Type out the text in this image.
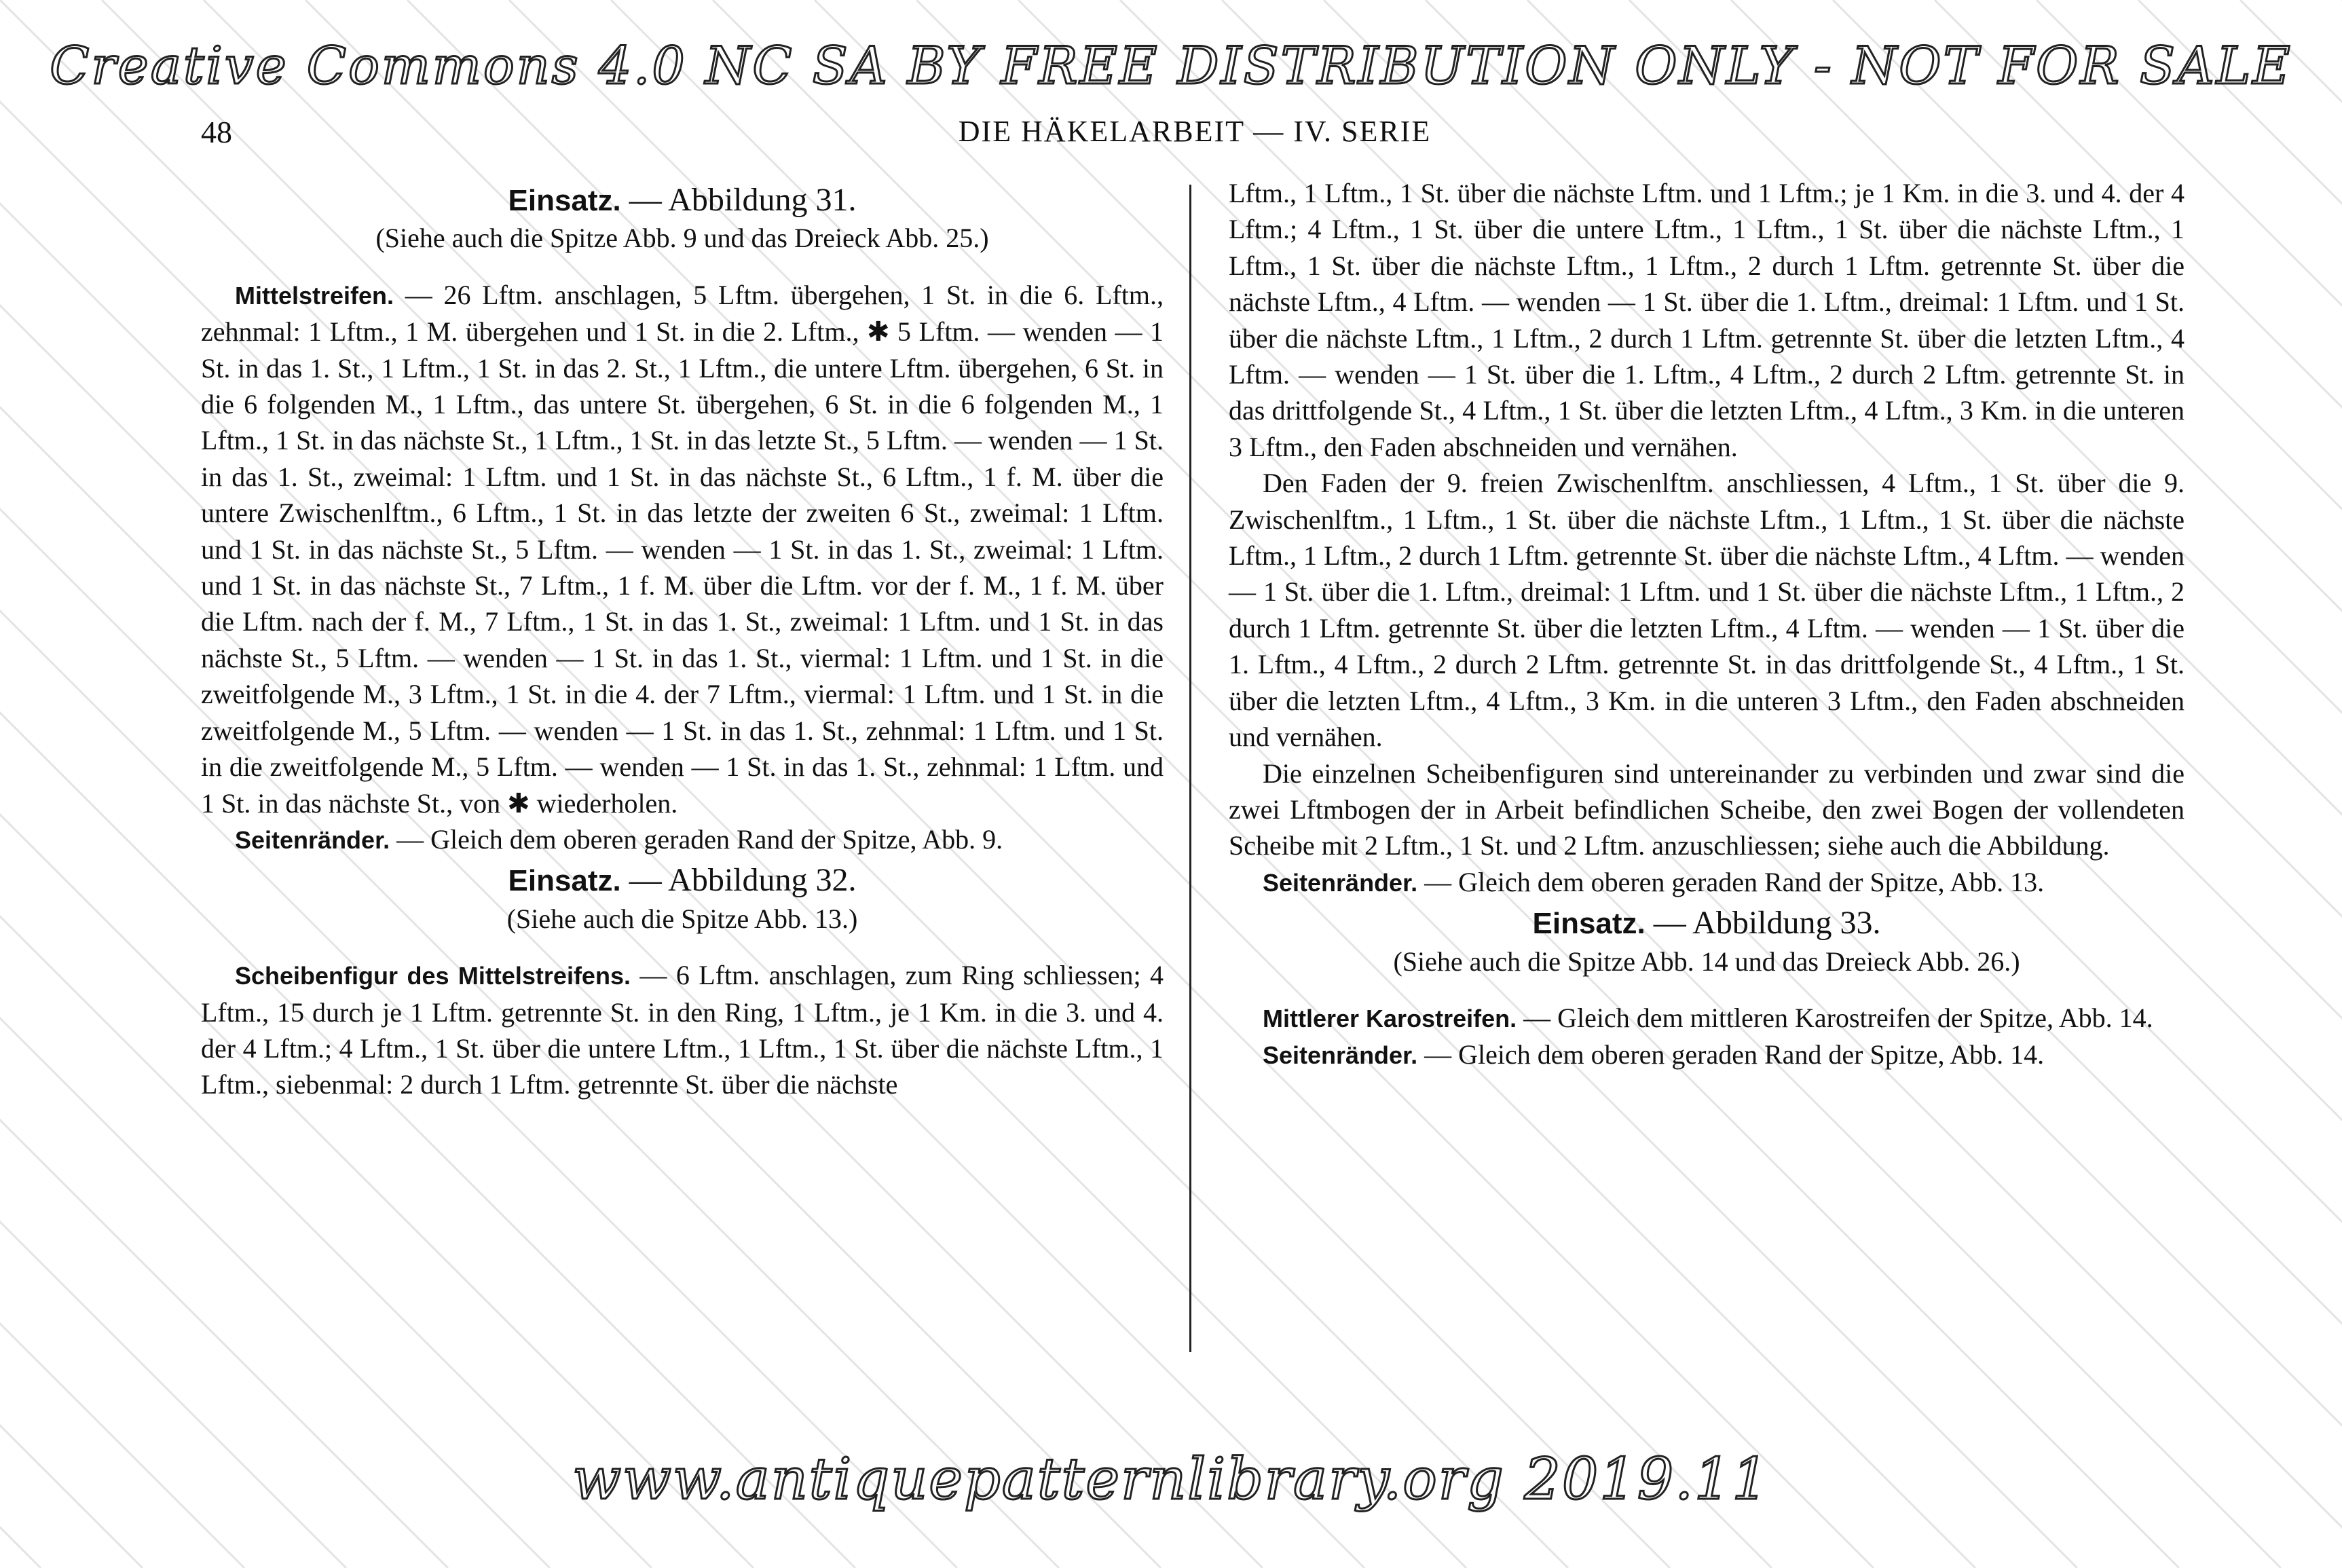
Creative Commons 4.0 NC SA BY FREE DISTRIBUTION ONLY - NOT FOR SALE
48	DIE HÄKELARBEIT — IV. SERIE
Einsatz. — Abbildung 31.
(Siehe auch die Spitze Abb. 9 und das Dreieck Abb. 25.)

Mittelstreifen. — 26 Lftm. anschlagen, 5 Lftm. übergehen, 1 St. in die 6. Lftm., zehnmal: 1 Lftm., 1 M. übergehen und 1 St. in die 2. Lftm., ✱ 5 Lftm. — wenden — 1 St. in das 1. St., 1 Lftm., 1 St. in das 2. St., 1 Lftm., die untere Lftm. übergehen, 6 St. in die 6 folgenden M., 1 Lftm., das untere St. übergehen, 6 St. in die 6 folgenden M., 1 Lftm., 1 St. in das nächste St., 1 Lftm., 1 St. in das letzte St., 5 Lftm. — wenden — 1 St. in das 1. St., zweimal: 1 Lftm. und 1 St. in das nächste St., 6 Lftm., 1 f. M. über die untere Zwischenlftm., 6 Lftm., 1 St. in das letzte der zweiten 6 St., zweimal: 1 Lftm. und 1 St. in das nächste St., 5 Lftm. — wenden — 1 St. in das 1. St., zweimal: 1 Lftm. und 1 St. in das nächste St., 7 Lftm., 1 f. M. über die Lftm. vor der f. M., 1 f. M. über die Lftm. nach der f. M., 7 Lftm., 1 St. in das 1. St., zweimal: 1 Lftm. und 1 St. in das nächste St., 5 Lftm. — wenden — 1 St. in das 1. St., viermal: 1 Lftm. und 1 St. in die zweitfolgende M., 3 Lftm., 1 St. in die 4. der 7 Lftm., viermal: 1 Lftm. und 1 St. in die zweitfolgende M., 5 Lftm. — wenden — 1 St. in das 1. St., zehnmal: 1 Lftm. und 1 St. in die zweitfolgende M., 5 Lftm. — wenden — 1 St. in das 1. St., zehnmal: 1 Lftm. und 1 St. in das nächste St., von ✱ wiederholen.

Seitenränder. — Gleich dem oberen geraden Rand der Spitze, Abb. 9.

Einsatz. — Abbildung 32.
(Siehe auch die Spitze Abb. 13.)

Scheibenfigur des Mittelstreifens. — 6 Lftm. anschlagen, zum Ring schliessen; 4 Lftm., 15 durch je 1 Lftm. getrennte St. in den Ring, 1 Lftm., je 1 Km. in die 3. und 4. der 4 Lftm.; 4 Lftm., 1 St. über die untere Lftm., 1 Lftm., 1 St. über die nächste Lftm., 1 Lftm., siebenmal: 2 durch 1 Lftm. getrennte St. über die nächste

Lftm., 1 Lftm., 1 St. über die nächste Lftm. und 1 Lftm.; je 1 Km. in die 3. und 4. der 4 Lftm.; 4 Lftm., 1 St. über die untere Lftm., 1 Lftm., 1 St. über die nächste Lftm., 1 Lftm., 1 St. über die nächste Lftm., 1 Lftm., 2 durch 1 Lftm. getrennte St. über die nächste Lftm., 4 Lftm. — wenden — 1 St. über die 1. Lftm., dreimal: 1 Lftm. und 1 St. über die nächste Lftm., 1 Lftm., 2 durch 1 Lftm. getrennte St. über die letzten Lftm., 4 Lftm. — wenden — 1 St. über die 1. Lftm., 4 Lftm., 2 durch 2 Lftm. getrennte St. in das drittfolgende St., 4 Lftm., 1 St. über die letzten Lftm., 4 Lftm., 3 Km. in die unteren 3 Lftm., den Faden abschneiden und vernähen.

Den Faden der 9. freien Zwischenlftm. anschliessen, 4 Lftm., 1 St. über die 9. Zwischenlftm., 1 Lftm., 1 St. über die nächste Lftm., 1 Lftm., 1 St. über die nächste Lftm., 1 Lftm., 2 durch 1 Lftm. getrennte St. über die nächste Lftm., 4 Lftm. — wenden — 1 St. über die 1. Lftm., dreimal: 1 Lftm. und 1 St. über die nächste Lftm., 1 Lftm., 2 durch 1 Lftm. getrennte St. über die letzten Lftm., 4 Lftm. — wenden — 1 St. über die 1. Lftm., 4 Lftm., 2 durch 2 Lftm. getrennte St. in das drittfolgende St., 4 Lftm., 1 St. über die letzten Lftm., 4 Lftm., 3 Km. in die unteren 3 Lftm., den Faden abschneiden und vernähen.

Die einzelnen Scheibenfiguren sind untereinander zu verbinden und zwar sind die zwei Lftmbogen der in Arbeit befindlichen Scheibe, den zwei Bogen der vollendeten Scheibe mit 2 Lftm., 1 St. und 2 Lftm. anzuschliessen; siehe auch die Abbildung.

Seitenränder. — Gleich dem oberen geraden Rand der Spitze, Abb. 13.

Einsatz. — Abbildung 33.
(Siehe auch die Spitze Abb. 14 und das Dreieck Abb. 26.)

Mittlerer Karostreifen. — Gleich dem mittleren Karostreifen der Spitze, Abb. 14.

Seitenränder. — Gleich dem oberen geraden Rand der Spitze, Abb. 14.

www.antiquepatternlibrary.org 2019.11
